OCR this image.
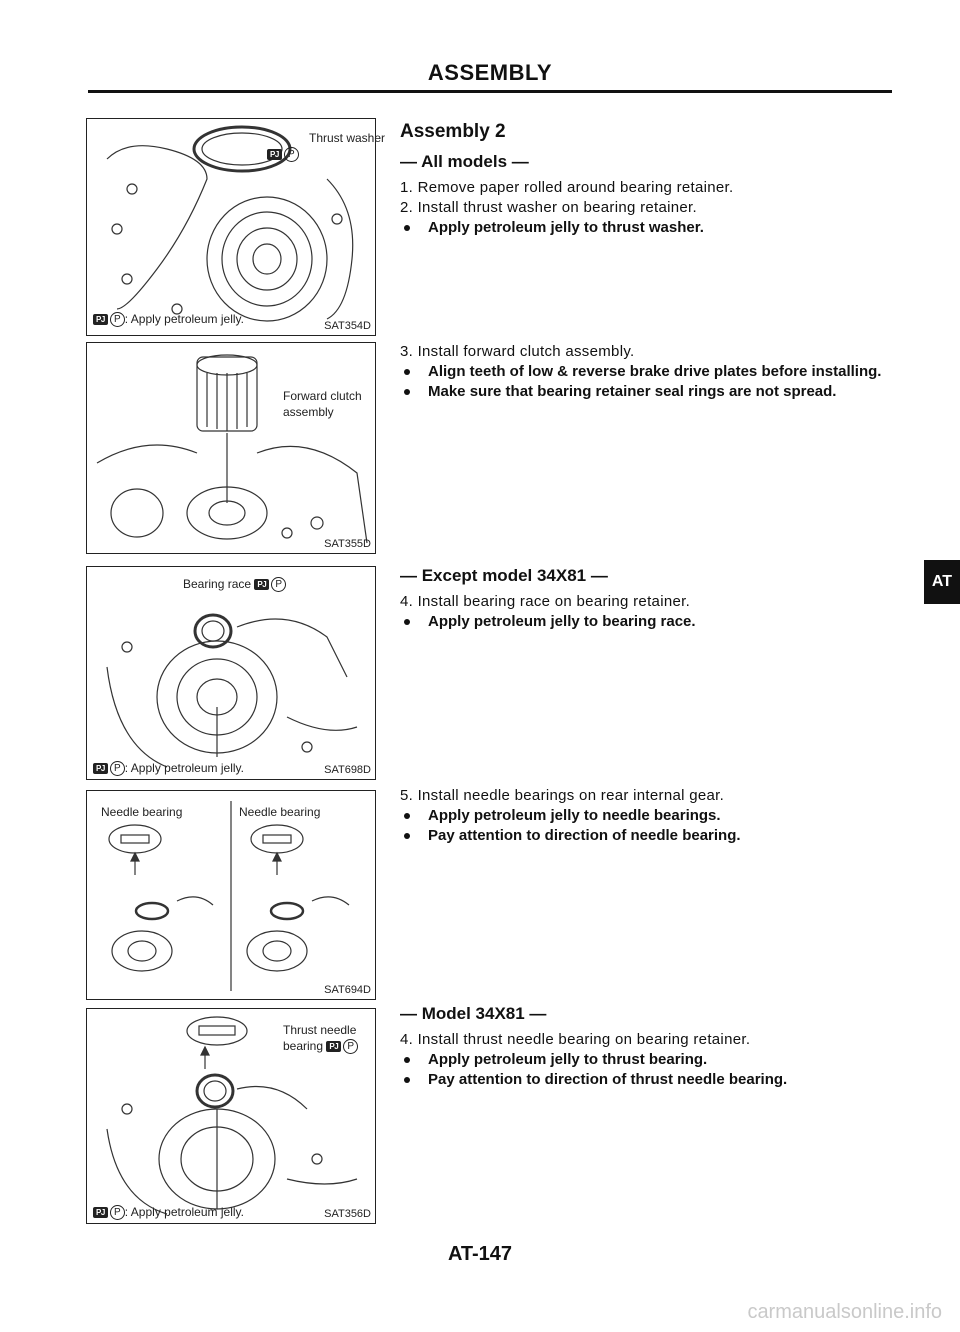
ASSEMBLY
Thrust washer
PJ P
PJ P : Apply petroleum jelly.
SAT354D
Forward clutch
assembly
SAT355D
Bearing race PJ P
PJ P : Apply petroleum jelly.	SAT698D
Needle bearing	Needle bearing
SAT694D
Thrust needle
bearing PJ P
PJ P : Apply petroleum jelly.	SAT356D
Assembly 2
— All models —
1. Remove paper rolled around bearing retainer.
2. Install thrust washer on bearing retainer.
Apply petroleum jelly to thrust washer.
3. Install forward clutch assembly.
Align teeth of low & reverse brake drive plates before installing.
Make sure that bearing retainer seal rings are not spread.
— Except model 34X81 —
4. Install bearing race on bearing retainer.
Apply petroleum jelly to bearing race.
5. Install needle bearings on rear internal gear.
Apply petroleum jelly to needle bearings.
Pay attention to direction of needle bearing.
— Model 34X81 —
4. Install thrust needle bearing on bearing retainer.
Apply petroleum jelly to thrust bearing.
Pay attention to direction of thrust needle bearing.
AT
AT-147
carmanualsonline.info
